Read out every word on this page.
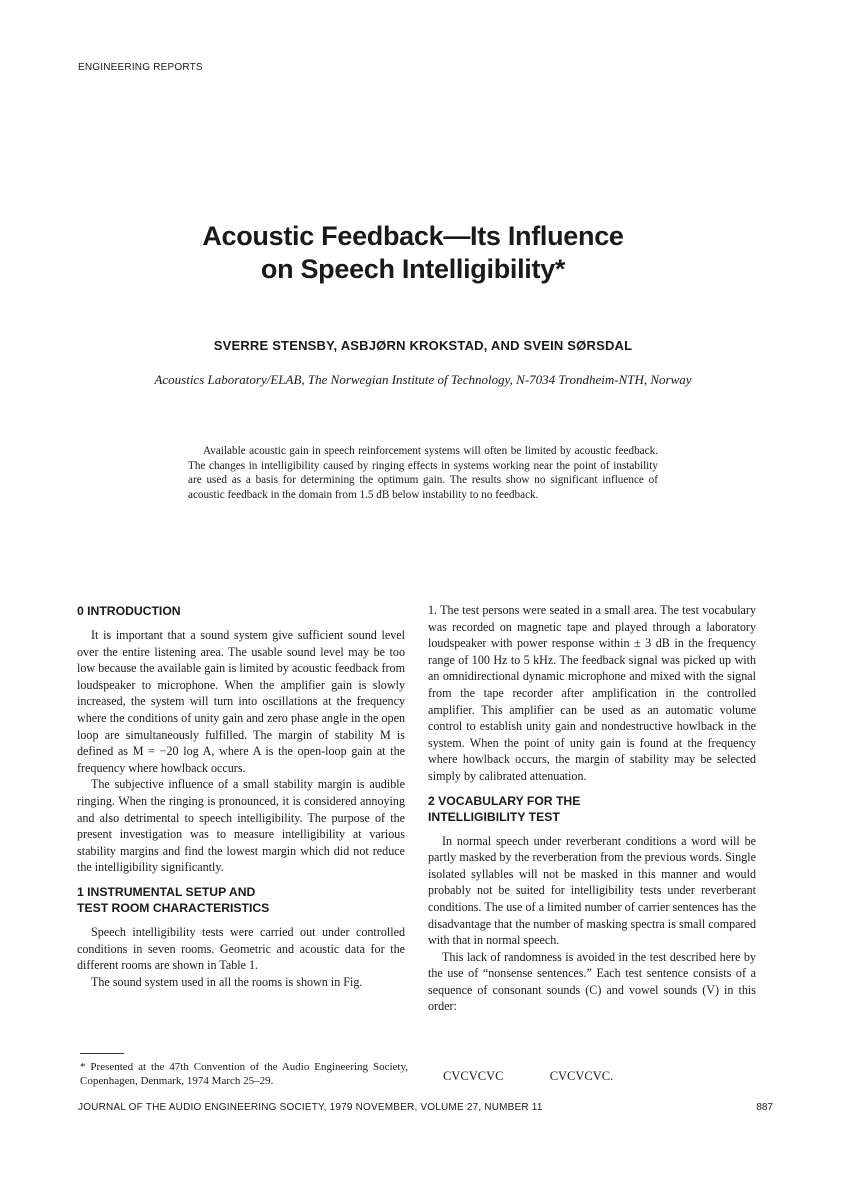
ENGINEERING REPORTS
Acoustic Feedback—Its Influence
on Speech Intelligibility*
SVERRE STENSBY, ASBJØRN KROKSTAD, AND SVEIN SØRSDAL
Acoustics Laboratory/ELAB, The Norwegian Institute of Technology, N-7034 Trondheim-NTH, Norway
Available acoustic gain in speech reinforcement systems will often be limited by acoustic feedback. The changes in intelligibility caused by ringing effects in systems working near the point of instability are used as a basis for determining the optimum gain. The results show no significant influence of acoustic feedback in the domain from 1.5 dB below instability to no feedback.
0 INTRODUCTION

It is important that a sound system give sufficient sound level over the entire listening area. The usable sound level may be too low because the available gain is limited by acoustic feedback from loudspeaker to microphone. When the amplifier gain is slowly increased, the system will turn into oscillations at the frequency where the conditions of unity gain and zero phase angle in the open loop are simultaneously fulfilled. The margin of stability M is defined as M = −20 log A, where A is the open-loop gain at the frequency where howlback occurs.

The subjective influence of a small stability margin is audible ringing. When the ringing is pronounced, it is considered annoying and also detrimental to speech intelligibility. The purpose of the present investigation was to measure intelligibility at various stability margins and find the lowest margin which did not reduce the intelligibility significantly.

1 INSTRUMENTAL SETUP AND
TEST ROOM CHARACTERISTICS

Speech intelligibility tests were carried out under controlled conditions in seven rooms. Geometric and acoustic data for the different rooms are shown in Table 1.

The sound system used in all the rooms is shown in Fig.

* Presented at the 47th Convention of the Audio Engineering Society, Copenhagen, Denmark, 1974 March 25–29.

1. The test persons were seated in a small area. The test vocabulary was recorded on magnetic tape and played through a laboratory loudspeaker with power response within ± 3 dB in the frequency range of 100 Hz to 5 kHz. The feedback signal was picked up with an omnidirectional dynamic microphone and mixed with the signal from the tape recorder after amplification in the controlled amplifier. This amplifier can be used as an automatic volume control to establish unity gain and nondestructive howlback in the system. When the point of unity gain is found at the frequency where howlback occurs, the margin of stability may be selected simply by calibrated attenuation.

2 VOCABULARY FOR THE
INTELLIGIBILITY TEST

In normal speech under reverberant conditions a word will be partly masked by the reverberation from the previous words. Single isolated syllables will not be masked in this manner and would probably not be suited for intelligibility tests under reverberant conditions. The use of a limited number of carrier sentences has the disadvantage that the number of masking spectra is small compared with that in normal speech.

This lack of randomness is avoided in the test described here by the use of “nonsense sentences.” Each test sentence consists of a sequence of consonant sounds (C) and vowel sounds (V) in this order:

CVCVCVC	CVCVCVC.
JOURNAL OF THE AUDIO ENGINEERING SOCIETY, 1979 NOVEMBER, VOLUME 27, NUMBER 11	887
